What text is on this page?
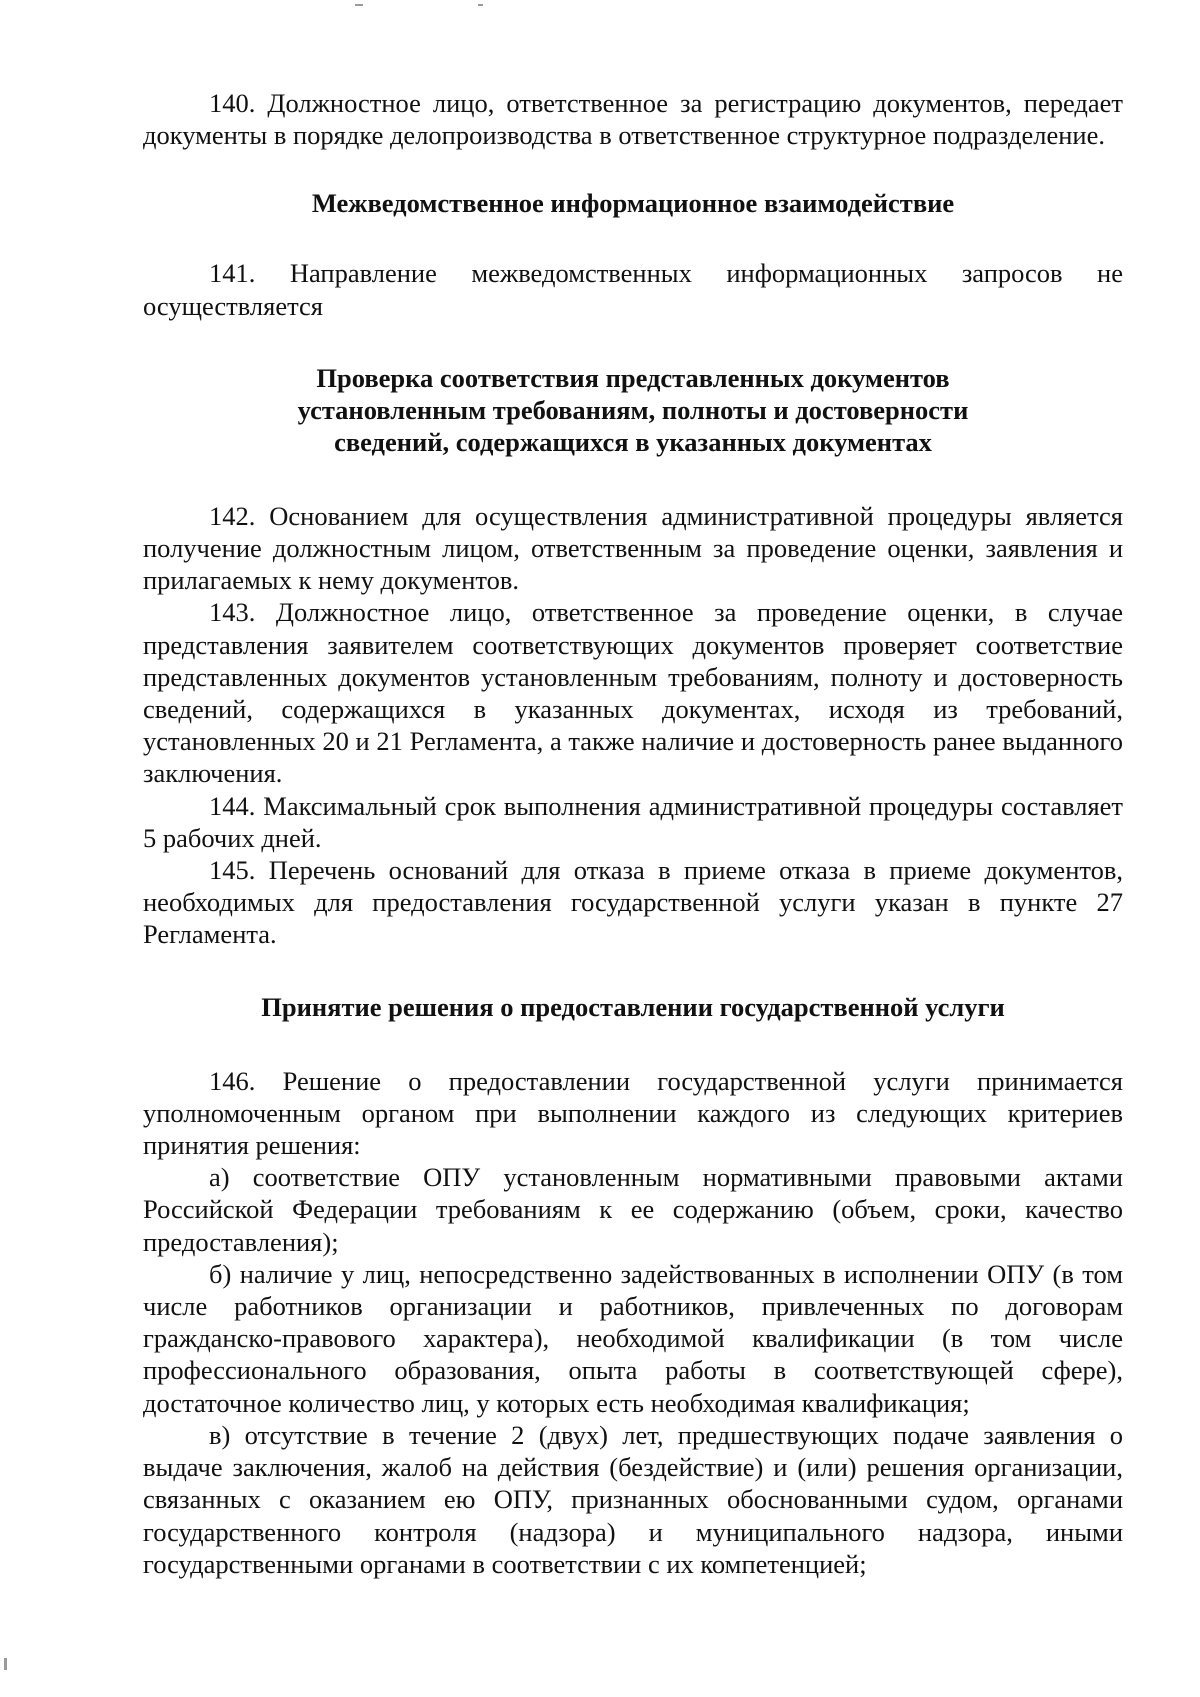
140. Должностное лицо, ответственное за регистрацию документов, передает документы в порядке делопроизводства в ответственное структурное подразделение.

Межведомственное информационное взаимодействие

141. Направление межведомственных информационных запросов не осуществляется

Проверка соответствия представленных документов установленным требованиям, полноты и достоверности сведений, содержащихся в указанных документах

142. Основанием для осуществления административной процедуры является получение должностным лицом, ответственным за проведение оценки, заявления и прилагаемых к нему документов.

143. Должностное лицо, ответственное за проведение оценки, в случае представления заявителем соответствующих документов проверяет соответствие представленных документов установленным требованиям, полноту и достоверность сведений, содержащихся в указанных документах, исходя из требований, установленных 20 и 21 Регламента, а также наличие и достоверность ранее выданного заключения.

144. Максимальный срок выполнения административной процедуры составляет 5 рабочих дней.

145. Перечень оснований для отказа в приеме отказа в приеме документов, необходимых для предоставления государственной услуги указан в пункте 27 Регламента.

Принятие решения о предоставлении государственной услуги

146. Решение о предоставлении государственной услуги принимается уполномоченным органом при выполнении каждого из следующих критериев принятия решения:

а) соответствие ОПУ установленным нормативными правовыми актами Российской Федерации требованиям к ее содержанию (объем, сроки, качество предоставления);

б) наличие у лиц, непосредственно задействованных в исполнении ОПУ (в том числе работников организации и работников, привлеченных по договорам гражданско-правового характера), необходимой квалификации (в том числе профессионального образования, опыта работы в соответствующей сфере), достаточное количество лиц, у которых есть необходимая квалификация;

в) отсутствие в течение 2 (двух) лет, предшествующих подаче заявления о выдаче заключения, жалоб на действия (бездействие) и (или) решения организации, связанных с оказанием ею ОПУ, признанных обоснованными судом, органами государственного контроля (надзора) и муниципального надзора, иными государственными органами в соответствии с их компетенцией;
